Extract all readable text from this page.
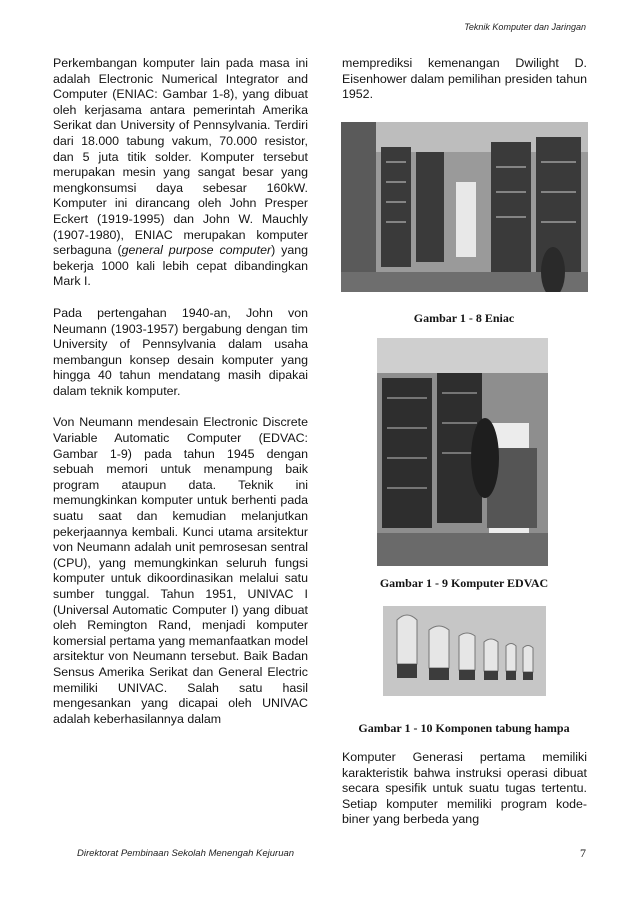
Teknik Komputer dan Jaringan

Perkembangan komputer lain pada masa ini adalah Electronic Numerical Integrator and Computer (ENIAC: Gambar 1-8), yang dibuat oleh kerjasama antara pemerintah Amerika Serikat dan University of Pennsylvania. Terdiri dari 18.000 tabung vakum, 70.000 resistor, dan 5 juta titik solder. Komputer tersebut merupakan mesin yang sangat besar yang mengkonsumsi daya sebesar 160kW. Komputer ini dirancang oleh John Presper Eckert (1919-1995) dan John W. Mauchly (1907-1980), ENIAC merupakan komputer serbaguna (general purpose computer) yang bekerja 1000 kali lebih cepat dibandingkan Mark I.

Pada pertengahan 1940-an, John von Neumann (1903-1957) bergabung dengan tim University of Pennsylvania dalam usaha membangun konsep desain komputer yang hingga 40 tahun mendatang masih dipakai dalam teknik komputer.

Von Neumann mendesain Electronic Discrete Variable Automatic Computer (EDVAC: Gambar 1-9) pada tahun 1945 dengan sebuah memori untuk menampung baik program ataupun data. Teknik ini memungkinkan komputer untuk berhenti pada suatu saat dan kemudian melanjutkan pekerjaannya kembali. Kunci utama arsitektur von Neumann adalah unit pemrosesan sentral (CPU), yang memungkinkan seluruh fungsi komputer untuk dikoordinasikan melalui satu sumber tunggal. Tahun 1951, UNIVAC I (Universal Automatic Computer I) yang dibuat oleh Remington Rand, menjadi komputer komersial pertama yang memanfaatkan model arsitektur von Neumann tersebut. Baik Badan Sensus Amerika Serikat dan General Electric memiliki UNIVAC. Salah satu hasil mengesankan yang dicapai oleh UNIVAC adalah keberhasilannya dalam

memprediksi kemenangan Dwilight D. Eisenhower dalam pemilihan presiden tahun 1952.

Gambar 1 - 8 Eniac
Gambar 1 - 9 Komputer EDVAC
Gambar 1 - 10 Komponen tabung hampa
Komputer Generasi pertama memiliki karakteristik bahwa instruksi operasi dibuat secara spesifik untuk suatu tugas tertentu. Setiap komputer memiliki program kode-biner yang berbeda yang
Direktorat Pembinaan Sekolah Menengah Kejuruan	7
